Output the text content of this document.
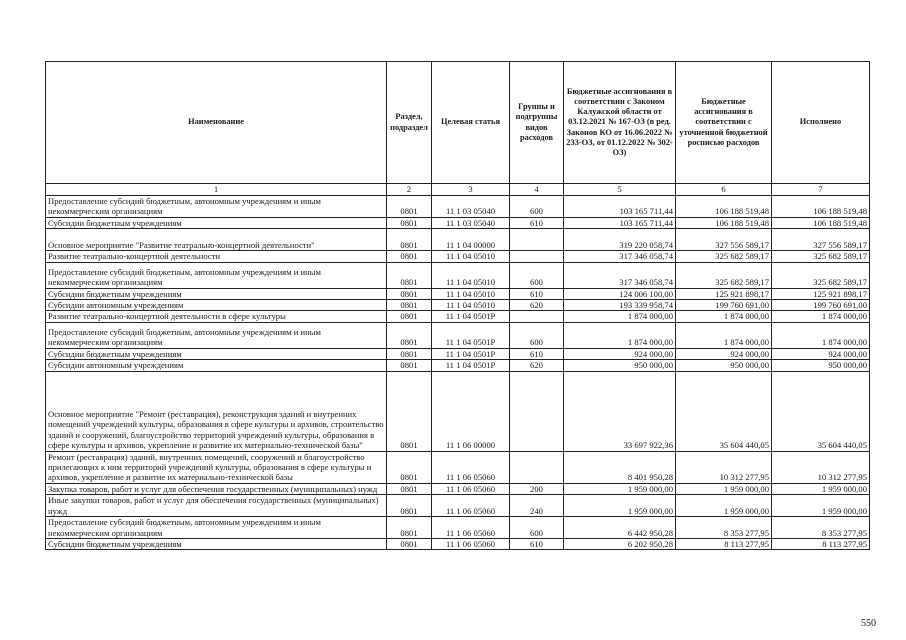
Наименование	Раздел, подраздел	Целевая статья	Группы и подгруппы видов расходов	Бюджетные ассигнования в соответствии с Законом Калужской области от 03.12.2021 № 167-ОЗ (в ред. Законов КО от 16.06.2022 № 233-ОЗ, от 01.12.2022 № 302-ОЗ)	Бюджетные ассигнования в соответствии с уточненной бюджетной росписью расходов	Исполнено
1	2	3	4	5	6	7
Предоставление субсидий бюджетным, автономным учреждениям и иным некоммерческим организациям	0801	11 1 03 05040	600	103 165 711,44	106 188 519,48	106 188 519,48
Субсидии бюджетным учреждениям	0801	11 1 03 05040	610	103 165 711,44	106 188 519,48	106 188 519,48
Основное мероприятие "Развитие театрально-концертной деятельности"	0801	11 1 04 00000		319 220 058,74	327 556 589,17	327 556 589,17
Развитие театрально-концертной деятельности	0801	11 1 04 05010		317 346 058,74	325 682 589,17	325 682 589,17
Предоставление субсидий бюджетным, автономным учреждениям и иным некоммерческим организациям	0801	11 1 04 05010	600	317 346 058,74	325 682 589,17	325 682 589,17
Субсидии бюджетным учреждениям	0801	11 1 04 05010	610	124 006 100,00	125 921 898,17	125 921 898,17
Субсидии автономным учреждениям	0801	11 1 04 05010	620	193 339 958,74	199 760 691,00	199 760 691,00
Развитие театрально-концертной деятельности в сфере культуры	0801	11 1 04 0501Р		1 874 000,00	1 874 000,00	1 874 000,00
Предоставление субсидий бюджетным, автономным учреждениям и иным некоммерческим организациям	0801	11 1 04 0501Р	600	1 874 000,00	1 874 000,00	1 874 000,00
Субсидии бюджетным учреждениям	0801	11 1 04 0501Р	610	924 000,00	924 000,00	924 000,00
Субсидии автономным учреждениям	0801	11 1 04 0501Р	620	950 000,00	950 000,00	950 000,00
Основное мероприятие "Ремонт (реставрация), реконструкция зданий и внутренних помещений учреждений культуры, образования в сфере культуры и архивов, строительство зданий и сооружений, благоустройство территорий учреждений культуры, образования в сфере культуры и архивов, укрепление и развитие их материально-технической базы"	0801	11 1 06 00000		33 697 922,36	35 604 440,05	35 604 440,05
Ремонт (реставрация) зданий, внутренних помещений, сооружений и благоустройство прилегающих к ним территорий учреждений культуры, образования в сфере культуры и архивов, укрепление и развитие их материально-технической базы	0801	11 1 06 05060		8 401 950,28	10 312 277,95	10 312 277,95
Закупка товаров, работ и услуг для обеспечения государственных (муниципальных) нужд	0801	11 1 06 05060	200	1 959 000,00	1 959 000,00	1 959 000,00
Иные закупки товаров, работ и услуг для обеспечения государственных (муниципальных) нужд	0801	11 1 06 05060	240	1 959 000,00	1 959 000,00	1 959 000,00
Предоставление субсидий бюджетным, автономным учреждениям и иным некоммерческим организациям	0801	11 1 06 05060	600	6 442 950,28	8 353 277,95	8 353 277,95
Субсидии бюджетным учреждениям	0801	11 1 06 05060	610	6 202 950,28	8 113 277,95	8 113 277,95
550
